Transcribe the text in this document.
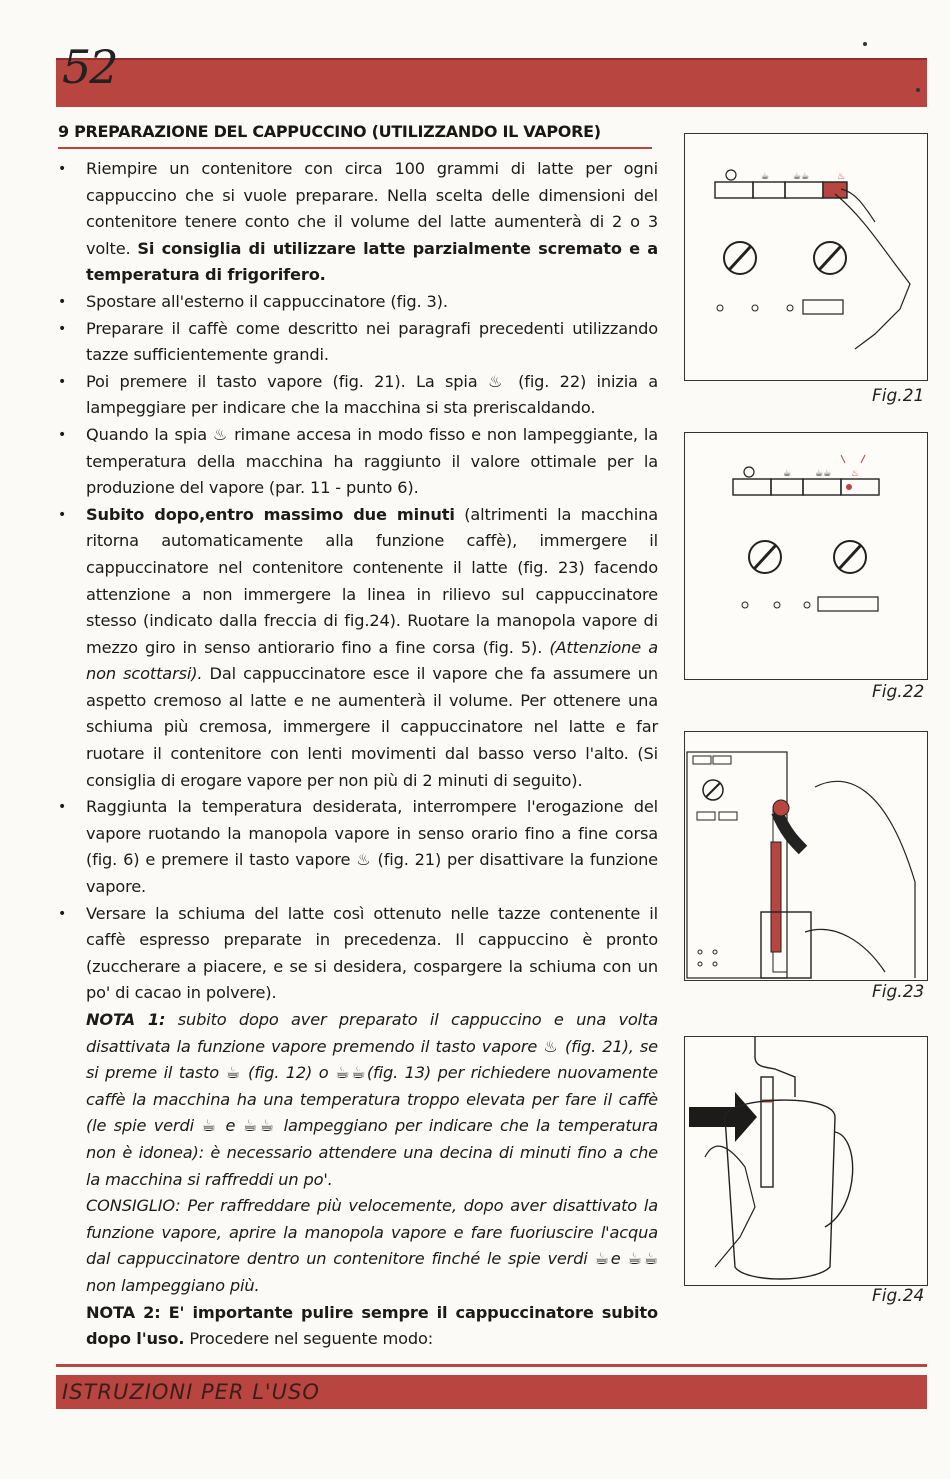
52
9 PREPARAZIONE DEL CAPPUCCINO (UTILIZZANDO IL VAPORE)
• Riempire un contenitore con circa 100 grammi di latte per ogni cappuccino che si vuole preparare. Nella scelta delle dimensioni del contenitore tenere conto che il volume del latte aumenterà di 2 o 3 volte. Si consiglia di utilizzare latte parzialmente scremato e a temperatura di frigorifero.
• Spostare all'esterno il cappuccinatore (fig. 3).
• Preparare il caffè come descritto nei paragrafi precedenti utilizzando tazze sufficientemente grandi.
• Poi premere il tasto vapore (fig. 21). La spia ♨ (fig. 22) inizia a lampeggiare per indicare che la macchina si sta preriscaldando.
• Quando la spia ♨ rimane accesa in modo fisso e non lampeggiante, la temperatura della macchina ha raggiunto il valore ottimale per la produzione del vapore (par. 11 - punto 6).
• Subito dopo,entro massimo due minuti (altrimenti la macchina ritorna automaticamente alla funzione caffè), immergere il cappuccinatore nel contenitore contenente il latte (fig. 23) facendo attenzione a non immergere la linea in rilievo sul cappuccinatore stesso (indicato dalla freccia di fig.24). Ruotare la manopola vapore di mezzo giro in senso antiorario fino a fine corsa (fig. 5). (Attenzione a non scottarsi). Dal cappuccinatore esce il vapore che fa assumere un aspetto cremoso al latte e ne aumenterà il volume. Per ottenere una schiuma più cremosa, immergere il cappuccinatore nel latte e far ruotare il contenitore con lenti movimenti dal basso verso l'alto. (Si consiglia di erogare vapore per non più di 2 minuti di seguito).
• Raggiunta la temperatura desiderata, interrompere l'erogazione del vapore ruotando la manopola vapore in senso orario fino a fine corsa (fig. 6) e premere il tasto vapore ♨ (fig. 21) per disattivare la funzione vapore.
• Versare la schiuma del latte così ottenuto nelle tazze contenente il caffè espresso preparate in precedenza. Il cappuccino è pronto (zuccherare a piacere, e se si desidera, cospargere la schiuma con un po' di cacao in polvere).
NOTA 1: subito dopo aver preparato il cappuccino e una volta disattivata la funzione vapore premendo il tasto vapore ♨ (fig. 21), se si preme il tasto ☕ (fig. 12) o ☕☕(fig. 13) per richiedere nuovamente caffè la macchina ha una temperatura troppo elevata per fare il caffè (le spie verdi ☕ e ☕☕ lampeggiano per indicare che la temperatura non è idonea): è necessario attendere una decina di minuti fino a che la macchina si raffreddi un po'.
CONSIGLIO: Per raffreddare più velocemente, dopo aver disattivato la funzione vapore, aprire la manopola vapore e fare fuoriuscire l'acqua dal cappuccinatore dentro un contenitore finché le spie verdi ☕e ☕☕ non lampeggiano più.
NOTA 2: E' importante pulire sempre il cappuccinatore subito dopo l'uso. Procedere nel seguente modo:
☕	☕☕	♨
Fig.21
☕	☕☕ ♨
Fig.22
Fig.23
Fig.24
ISTRUZIONI PER L'USO
